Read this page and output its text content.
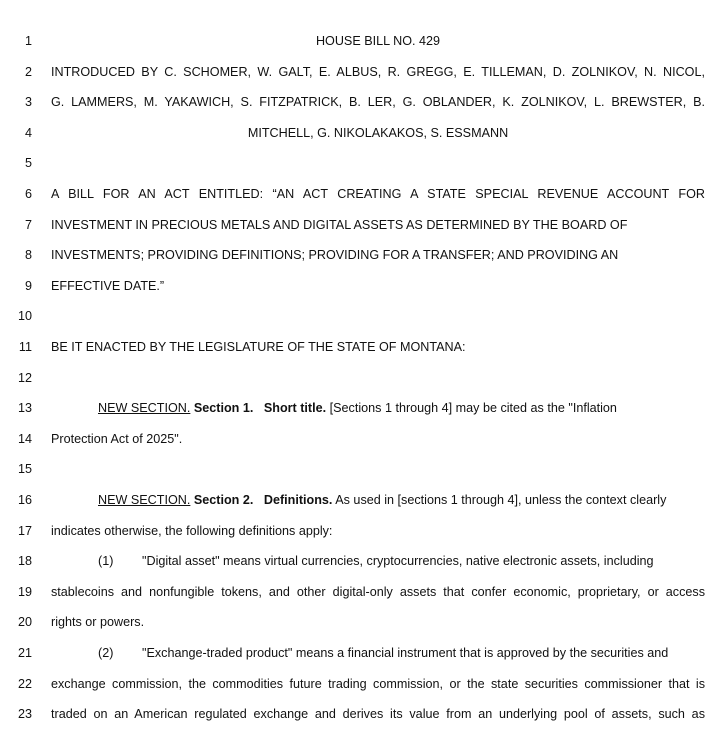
1	HOUSE BILL NO. 429
2 INTRODUCED BY C. SCHOMER, W. GALT, E. ALBUS, R. GREGG, E. TILLEMAN, D. ZOLNIKOV, N. NICOL,
3 G. LAMMERS, M. YAKAWICH, S. FITZPATRICK, B. LER, G. OBLANDER, K. ZOLNIKOV, L. BREWSTER, B.
4	MITCHELL, G. NIKOLAKAKOS, S. ESSMANN
5
6 A BILL FOR AN ACT ENTITLED: “AN ACT CREATING A STATE SPECIAL REVENUE ACCOUNT FOR
7 INVESTMENT IN PRECIOUS METALS AND DIGITAL ASSETS AS DETERMINED BY THE BOARD OF
8 INVESTMENTS; PROVIDING DEFINITIONS; PROVIDING FOR A TRANSFER; AND PROVIDING AN
9 EFFECTIVE DATE.”
10
11 BE IT ENACTED BY THE LEGISLATURE OF THE STATE OF MONTANA:
12
13	NEW SECTION. Section 1. Short title. [Sections 1 through 4] may be cited as the "Inflation
14 Protection Act of 2025".
15
16	NEW SECTION. Section 2. Definitions. As used in [sections 1 through 4], unless the context clearly
17 indicates otherwise, the following definitions apply:
18	(1) "Digital asset" means virtual currencies, cryptocurrencies, native electronic assets, including
19 stablecoins and nonfungible tokens, and other digital-only assets that confer economic, proprietary, or access
20 rights or powers.
21	(2) "Exchange-traded product" means a financial instrument that is approved by the securities and
22 exchange commission, the commodities future trading commission, or the state securities commissioner that is
23 traded on an American regulated exchange and derives its value from an underlying pool of assets, such as
